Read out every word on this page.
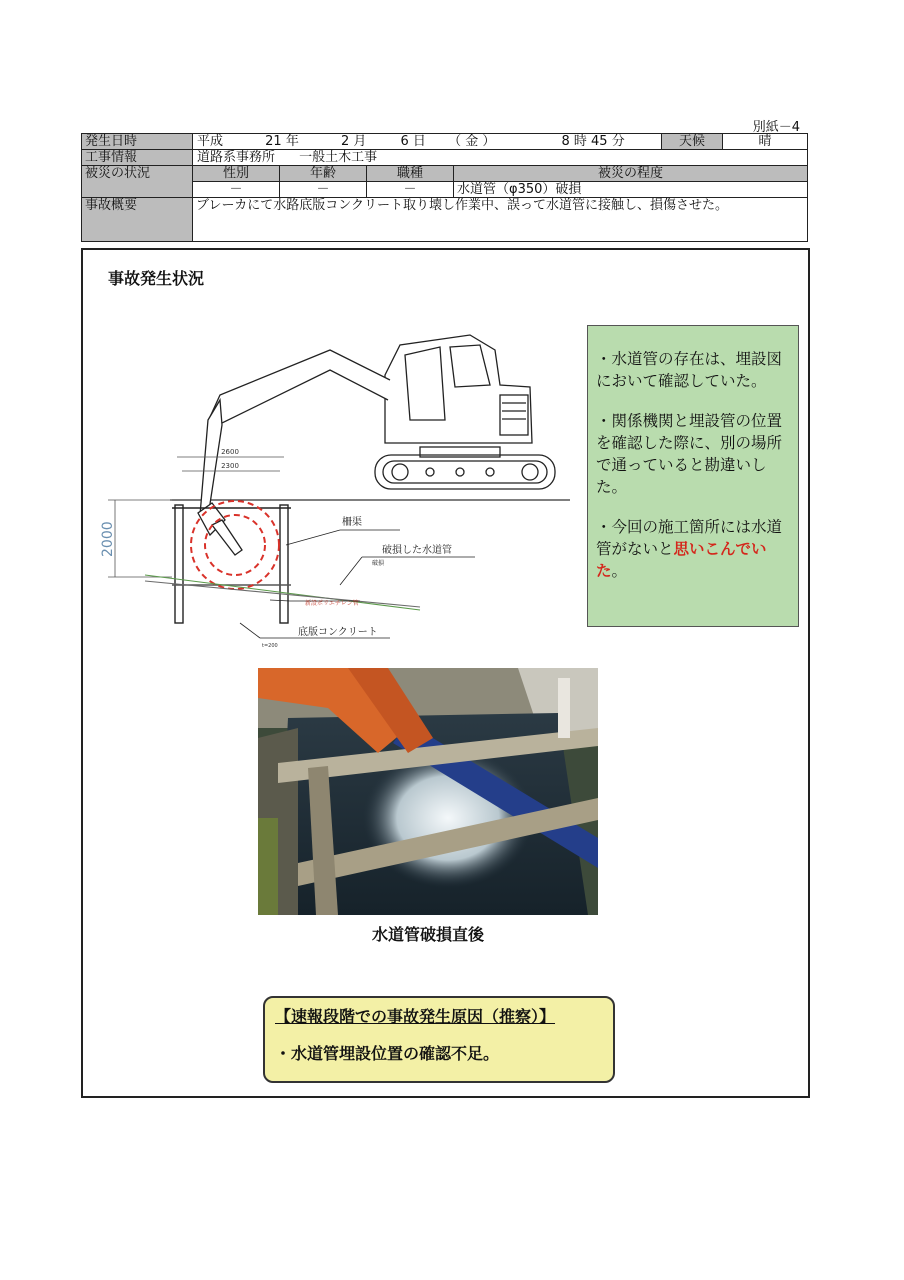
別紙－4
発生日時	平成 21 年 2 月 6 日 （ 金 ） 8 時 45 分				天候	晴
工事情報	道路系事務所 一般土木工事					
被災の状況	性別	年齢	職種	被災の程度		
	－	－	－	水道管（φ350）破損		
事故概要	ブレーカにて水路底版コンクリート取り壊し作業中、誤って水道管に接触し、損傷させた。					
事故発生状況
2600
2300
2000	柵渠
破損した水道管
破損
新設ポリエチレン管
底版コンクリート
t=200

・水道管の存在は、埋設図において確認していた。

・関係機関と埋設管の位置を確認した際に、別の場所で通っていると勘違いした。

・今回の施工箇所には水道管がないと思いこんでいた。

水道管破損直後
【速報段階での事故発生原因（推察）】
・水道管埋設位置の確認不足。
